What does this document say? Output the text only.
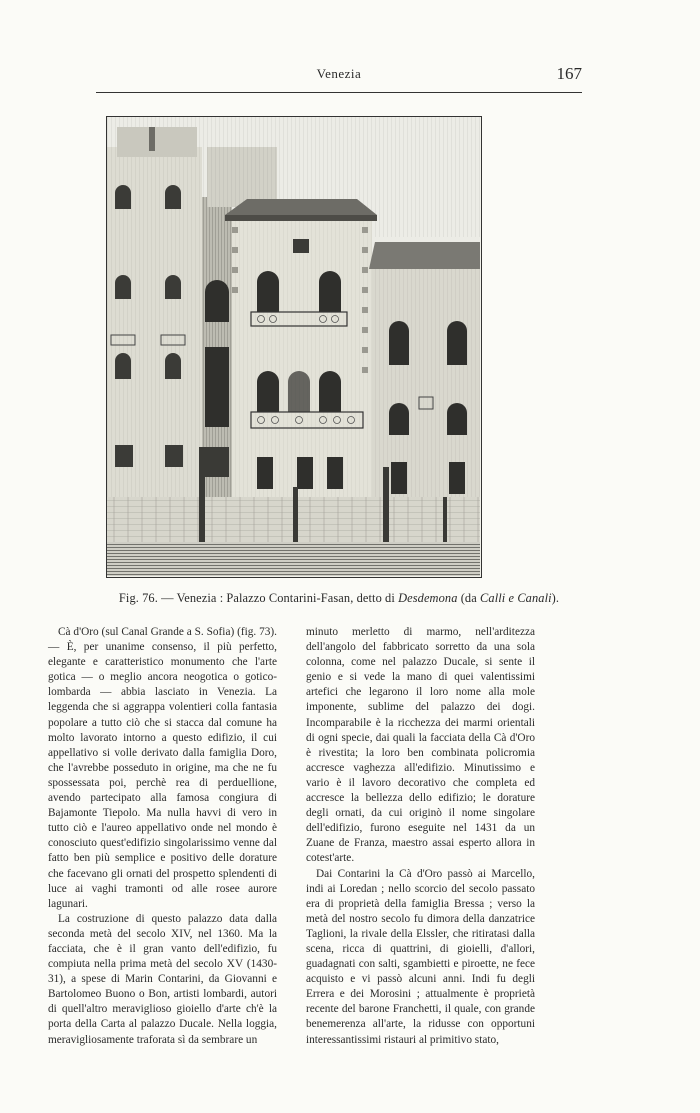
Venezia	167
Fig. 76. — Venezia : Palazzo Contarini-Fasan, detto di Desdemona (da Calli e Canali).

Cà d'Oro (sul Canal Grande a S. Sofia) (fig. 73). — È, per unanime consenso, il più perfetto, elegante e caratteristico monumento che l'arte gotica — o meglio ancora neogotica o gotico-lombarda — abbia lasciato in Venezia. La leggenda che si aggrappa volentieri colla fantasia popolare a tutto ciò che si stacca dal comune ha molto lavorato intorno a questo edifizio, il cui appellativo si volle derivato dalla famiglia Doro, che l'avrebbe posseduto in origine, ma che ne fu spossessata poi, perchè rea di perduellione, avendo partecipato alla famosa congiura di Bajamonte Tiepolo. Ma nulla havvi di vero in tutto ciò e l'aureo appellativo onde nel mondo è conosciuto quest'edifizio singolarissimo venne dal fatto ben più semplice e positivo delle dorature che facevano gli ornati del prospetto splendenti di luce ai vaghi tramonti od alle rosee aurore lagunari.

La costruzione di questo palazzo data dalla seconda metà del secolo XIV, nel 1360. Ma la facciata, che è il gran vanto dell'edifizio, fu compiuta nella prima metà del secolo XV (1430-31), a spese di Marin Contarini, da Giovanni e Bartolomeo Buono o Bon, artisti lombardi, autori di quell'altro meraviglioso gioiello d'arte ch'è la porta della Carta al palazzo Ducale. Nella loggia, meravigliosamente traforata sì da sembrare un

minuto merletto di marmo, nell'arditezza dell'angolo del fabbricato sorretto da una sola colonna, come nel palazzo Ducale, si sente il genio e si vede la mano di quei valentissimi artefici che legarono il loro nome alla mole imponente, sublime del palazzo dei dogi. Incomparabile è la ricchezza dei marmi orientali di ogni specie, dai quali la facciata della Cà d'Oro è rivestita; la loro ben combinata policromia accresce vaghezza all'edifizio. Minutissimo e vario è il lavoro decorativo che completa ed accresce la bellezza dello edifizio; le dorature degli ornati, da cui originò il nome singolare dell'edifizio, furono eseguite nel 1431 da un Zuane de Franza, maestro assai esperto allora in cotest'arte.

Dai Contarini la Cà d'Oro passò ai Marcello, indi ai Loredan ; nello scorcio del secolo passato era di proprietà della famiglia Bressa ; verso la metà del nostro secolo fu dimora della danzatrice Taglioni, la rivale della Elssler, che ritiratasi dalla scena, ricca di quattrini, di gioielli, d'allori, guadagnati con salti, sgambietti e piroette, ne fece acquisto e vi passò alcuni anni. Indi fu degli Errera e dei Morosini ; attualmente è proprietà recente del barone Franchetti, il quale, con grande benemerenza all'arte, la ridusse con opportuni interessantissimi ristauri al primitivo stato,
